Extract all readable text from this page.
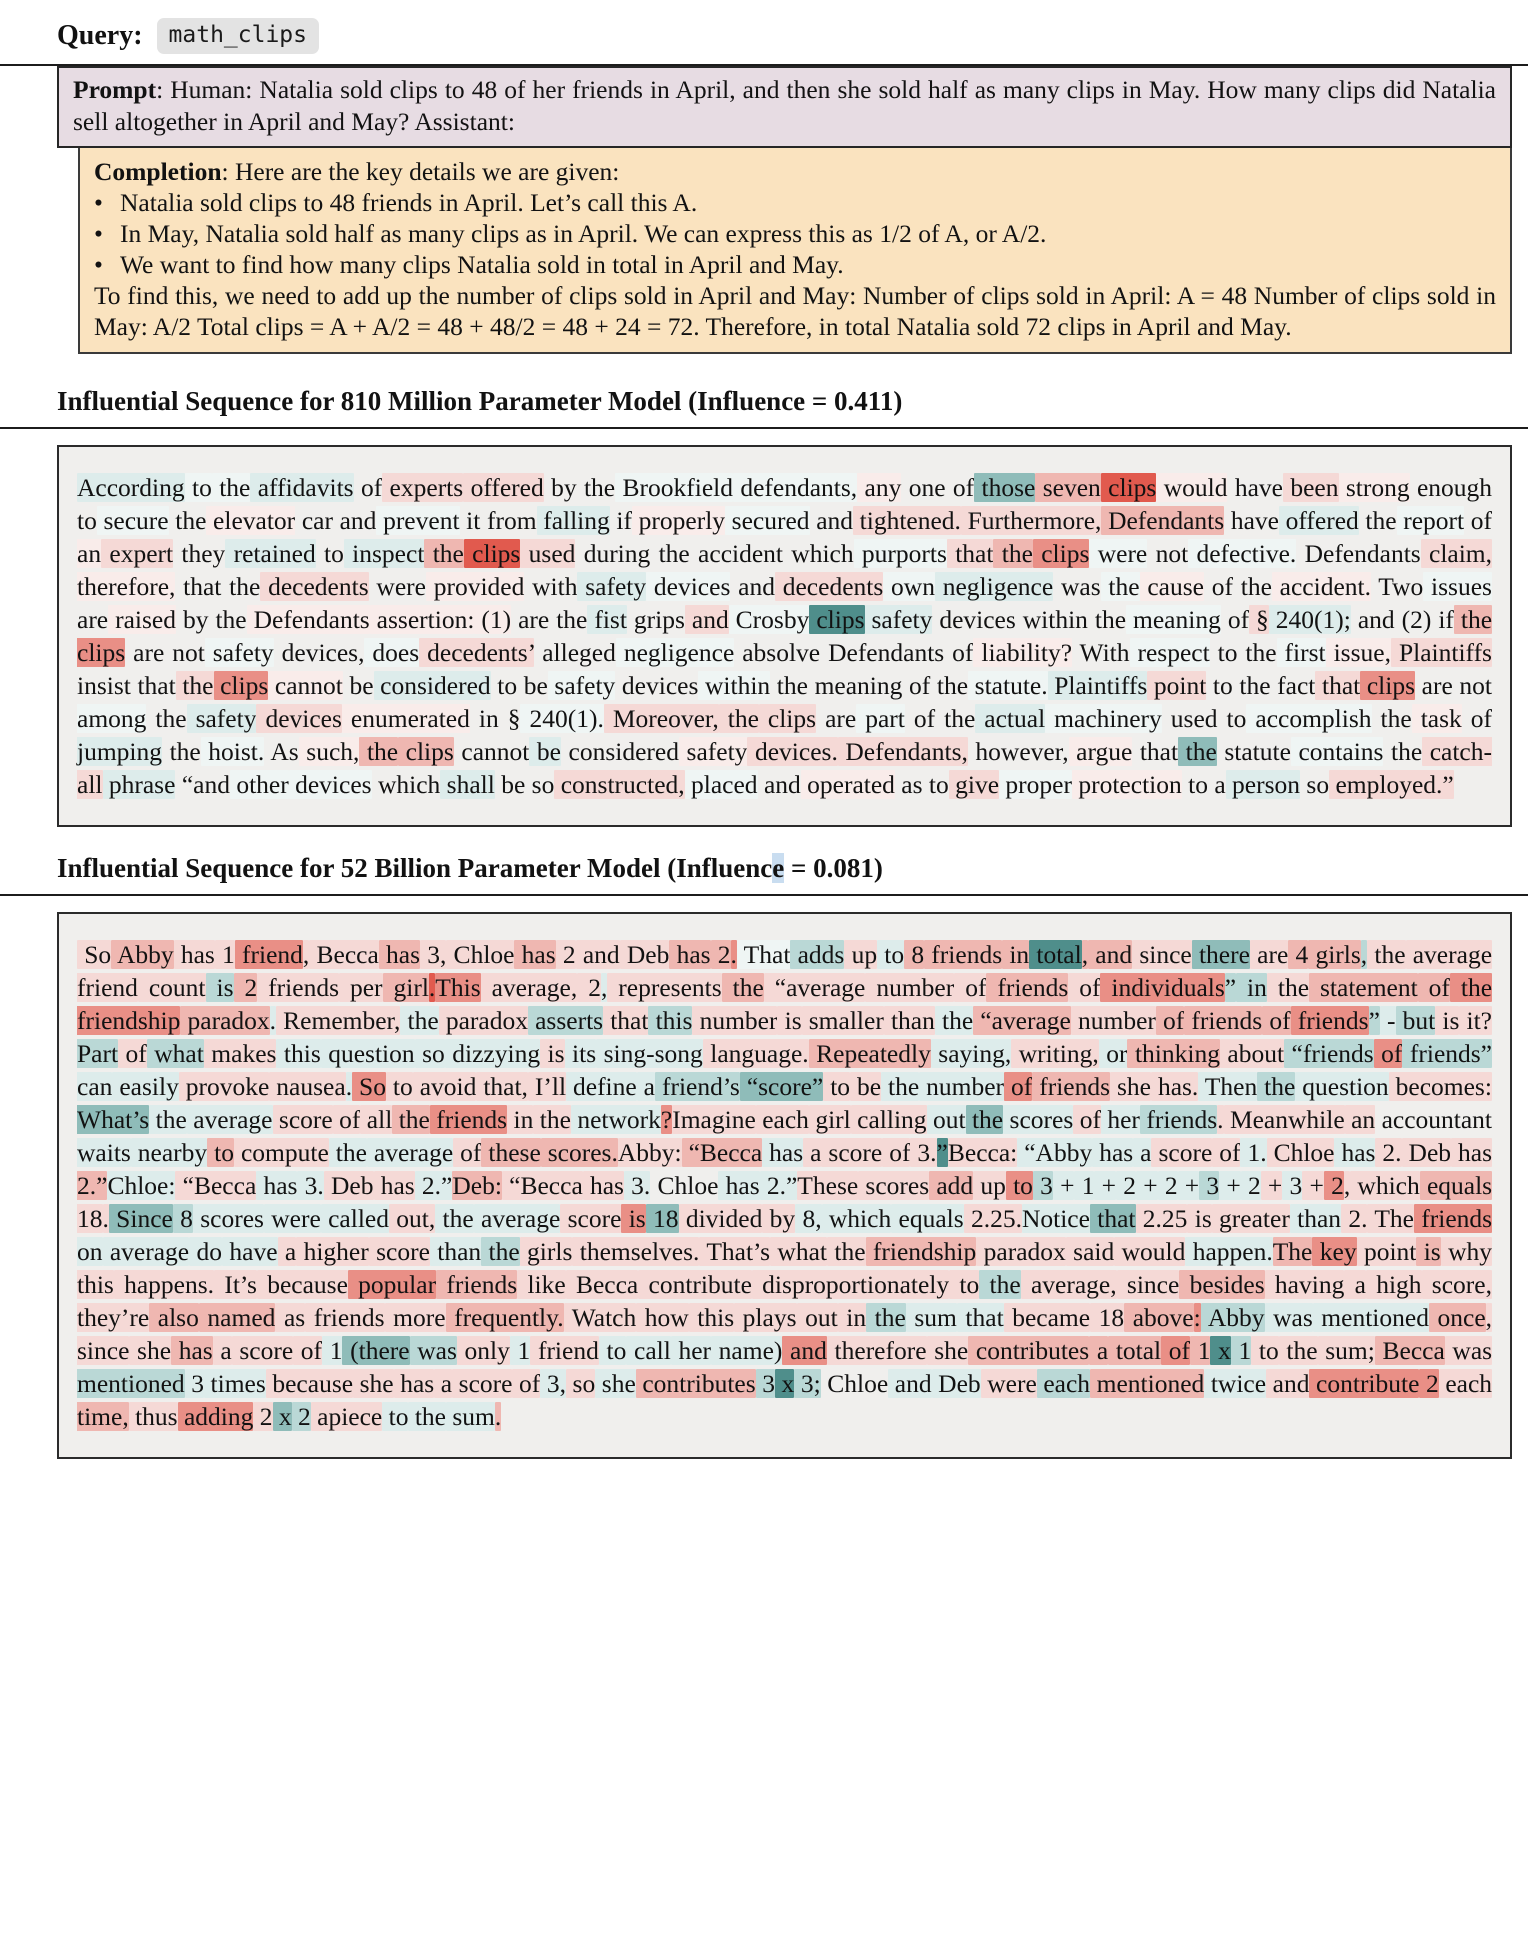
Query:	math_clips
Prompt: Human: Natalia sold clips to 48 of her friends in April, and then she sold half as many clips in May. How many clips did Natalia sell altogether in April and May? Assistant:
Completion: Here are the key details we are given:
• Natalia sold clips to 48 friends in April. Let’s call this A.
• In May, Natalia sold half as many clips as in April. We can express this as 1/2 of A, or A/2.
• We want to find how many clips Natalia sold in total in April and May.
To find this, we need to add up the number of clips sold in April and May: Number of clips sold in April: A = 48 Number of clips sold in May: A/2 Total clips = A + A/2 = 48 + 48/2 = 48 + 24 = 72. Therefore, in total Natalia sold 72 clips in April and May.
Influential Sequence for 810 Million Parameter Model (Influence = 0.411)

According to the affidavits of experts offered by the Brookfield defendants, any one of those seven clips would have been strong enough to secure the elevator car and prevent it from falling if properly secured and tightened. Furthermore, Defendants have offered the report of an expert they retained to inspect the clips used during the accident which purports that the clips were not defective. Defendants claim, therefore, that the decedents were provided with safety devices and decedents own negligence was the cause of the accident. Two issues are raised by the Defendants assertion: (1) are the fist grips and Crosby clips safety devices within the meaning of § 240(1); and (2) if the clips are not safety devices, does decedents’ alleged negligence absolve Defendants of liability? With respect to the first issue, Plaintiffs insist that the clips cannot be considered to be safety devices within the meaning of the statute. Plaintiffs point to the fact that clips are not among the safety devices enumerated in § 240(1). Moreover, the clips are part of the actual machinery used to accomplish the task of jumping the hoist. As such, the clips cannot be considered safety devices. Defendants, however, argue that the statute contains the catch-all phrase “and other devices which shall be so constructed, placed and operated as to give proper protection to a person so employed.”

Influential Sequence for 52 Billion Parameter Model (Influence = 0.081)

So Abby has 1 friend, Becca has 3, Chloe has 2 and Deb has 2. That adds up to 8 friends in total, and since there are 4 girls, the average friend count is 2 friends per girl.This average, 2, represents the “average number of friends of individuals” in the statement of the friendship paradox. Remember, the paradox asserts that this number is smaller than the “average number of friends of friends” - but is it? Part of what makes this question so dizzying is its sing-song language. Repeatedly saying, writing, or thinking about “friends of friends” can easily provoke nausea. So to avoid that, I’ll define a friend’s “score” to be the number of friends she has. Then the question becomes: What’s the average score of all the friends in the network?Imagine each girl calling out the scores of her friends. Meanwhile an accountant waits nearby to compute the average of these scores.Abby: “Becca has a score of 3.”Becca: “Abby has a score of 1. Chloe has 2. Deb has 2.”Chloe: “Becca has 3. Deb has 2.”Deb: “Becca has 3. Chloe has 2.”These scores add up to 3 + 1 + 2 + 2 + 3 + 2 + 3 + 2, which equals 18. Since 8 scores were called out, the average score is 18 divided by 8, which equals 2.25.Notice that 2.25 is greater than 2. The friends on average do have a higher score than the girls themselves. That’s what the friendship paradox said would happen.The key point is why this happens. It’s because popular friends like Becca contribute disproportionately to the average, since besides having a high score, they’re also named as friends more frequently. Watch how this plays out in the sum that became 18 above: Abby was mentioned once, since she has a score of 1 (there was only 1 friend to call her name) and therefore she contributes a total of 1 x 1 to the sum; Becca was mentioned 3 times because she has a score of 3, so she contributes 3 x 3; Chloe and Deb were each mentioned twice and contribute 2 each time, thus adding 2 x 2 apiece to the sum.
